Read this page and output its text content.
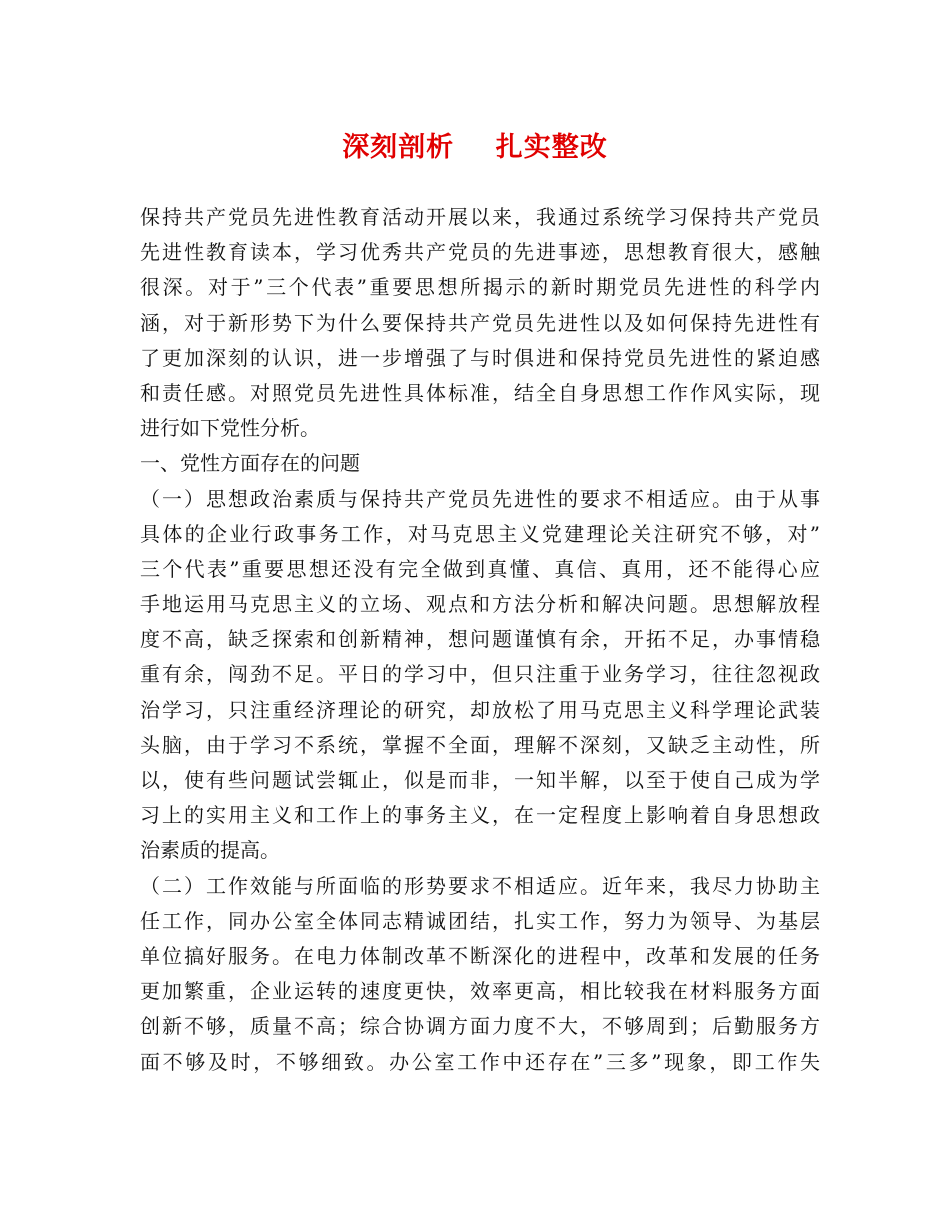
深刻剖析    扎实整改
保持共产党员先进性教育活动开展以来，我通过系统学习保持共产党员
先进性教育读本，学习优秀共产党员的先进事迹，思想教育很大，感触
很深。对于”三个代表”重要思想所揭示的新时期党员先进性的科学内
涵，对于新形势下为什么要保持共产党员先进性以及如何保持先进性有
了更加深刻的认识，进一步增强了与时俱进和保持党员先进性的紧迫感
和责任感。对照党员先进性具体标准，结全自身思想工作作风实际，现
进行如下党性分析。
一、党性方面存在的问题
（一）思想政治素质与保持共产党员先进性的要求不相适应。由于从事
具体的企业行政事务工作，对马克思主义党建理论关注研究不够，对”
三个代表”重要思想还没有完全做到真懂、真信、真用，还不能得心应
手地运用马克思主义的立场、观点和方法分析和解决问题。思想解放程
度不高，缺乏探索和创新精神，想问题谨慎有余，开拓不足，办事情稳
重有余，闯劲不足。平日的学习中，但只注重于业务学习，往往忽视政
治学习，只注重经济理论的研究，却放松了用马克思主义科学理论武装
头脑，由于学习不系统，掌握不全面，理解不深刻，又缺乏主动性，所
以，使有些问题试尝辄止，似是而非，一知半解，以至于使自己成为学
习上的实用主义和工作上的事务主义，在一定程度上影响着自身思想政
治素质的提高。
（二）工作效能与所面临的形势要求不相适应。近年来，我尽力协助主
任工作，同办公室全体同志精诚团结，扎实工作，努力为领导、为基层
单位搞好服务。在电力体制改革不断深化的进程中，改革和发展的任务
更加繁重，企业运转的速度更快，效率更高，相比较我在材料服务方面
创新不够，质量不高；综合协调方面力度不大，不够周到；后勤服务方
面不够及时，不够细致。办公室工作中还存在”三多”现象，即工作失
